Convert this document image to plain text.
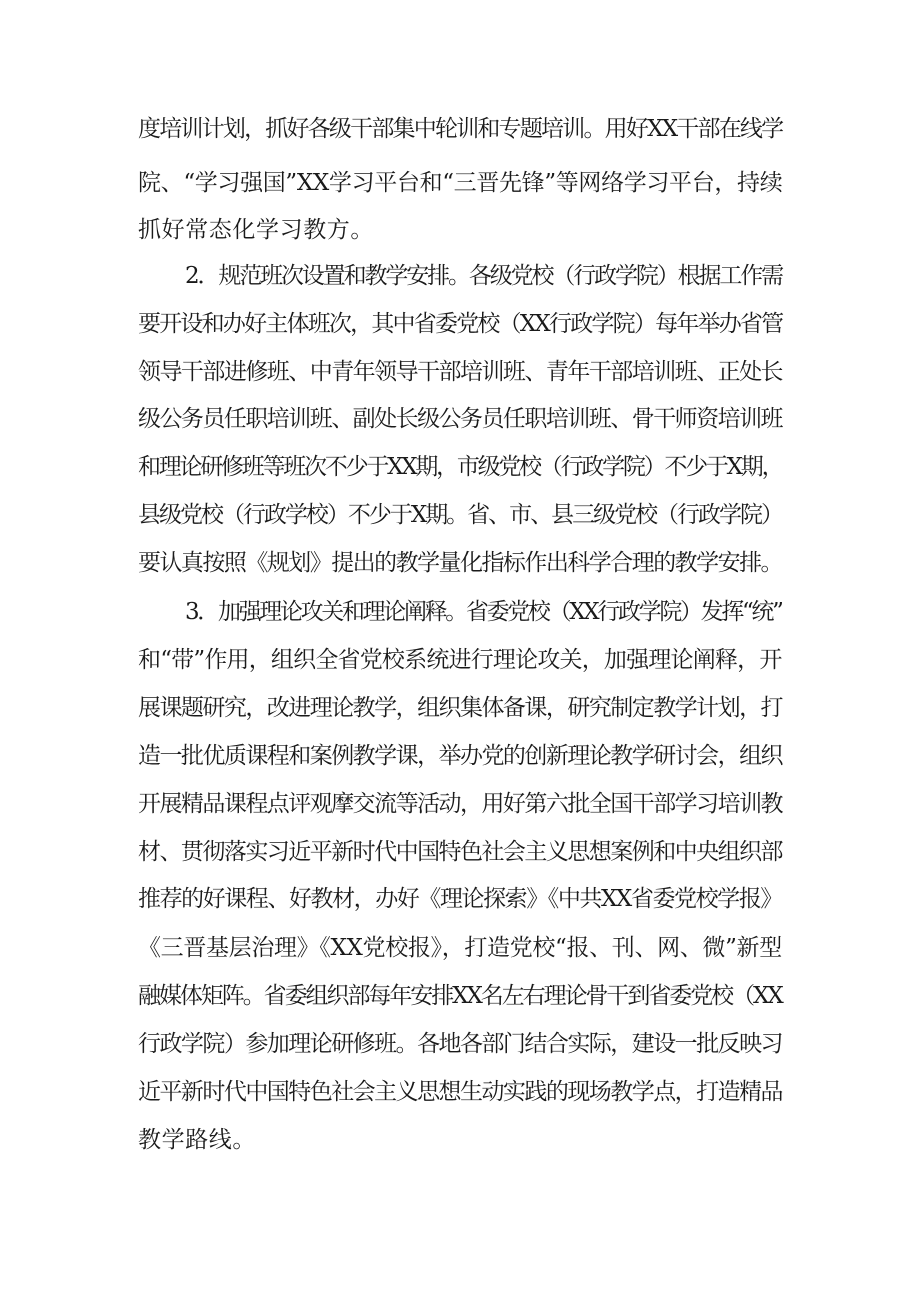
度培训计划，抓好各级干部集中轮训和专题培训。用好XX干部在线学
院、“学习强国”XX学习平台和“三晋先锋”等网络学习平台，持续
抓好常态化学习教方。
2．规范班次设置和教学安排。各级党校（行政学院）根据工作需
要开设和办好主体班次，其中省委党校（XX行政学院）每年举办省管
领导干部进修班、中青年领导干部培训班、青年干部培训班、正处长
级公务员任职培训班、副处长级公务员任职培训班、骨干师资培训班
和理论研修班等班次不少于XX期，市级党校（行政学院）不少于X期，
县级党校（行政学校）不少于X期。省、市、县三级党校（行政学院）
要认真按照《规划》提出的教学量化指标作出科学合理的教学安排。
3．加强理论攻关和理论阐释。省委党校（XX行政学院）发挥“统”
和“带”作用，组织全省党校系统进行理论攻关，加强理论阐释，开
展课题研究，改进理论教学，组织集体备课，研究制定教学计划，打
造一批优质课程和案例教学课，举办党的创新理论教学研讨会，组织
开展精品课程点评观摩交流等活动，用好第六批全国干部学习培训教
材、贯彻落实习近平新时代中国特色社会主义思想案例和中央组织部
推荐的好课程、好教材，办好《理论探索》《中共XX省委党校学报》
《三晋基层治理》《XX党校报》，打造党校“报、刊、网、微”新型
融媒体矩阵。省委组织部每年安排XX名左右理论骨干到省委党校（XX
行政学院）参加理论研修班。各地各部门结合实际，建设一批反映习
近平新时代中国特色社会主义思想生动实践的现场教学点，打造精品
教学路线。
